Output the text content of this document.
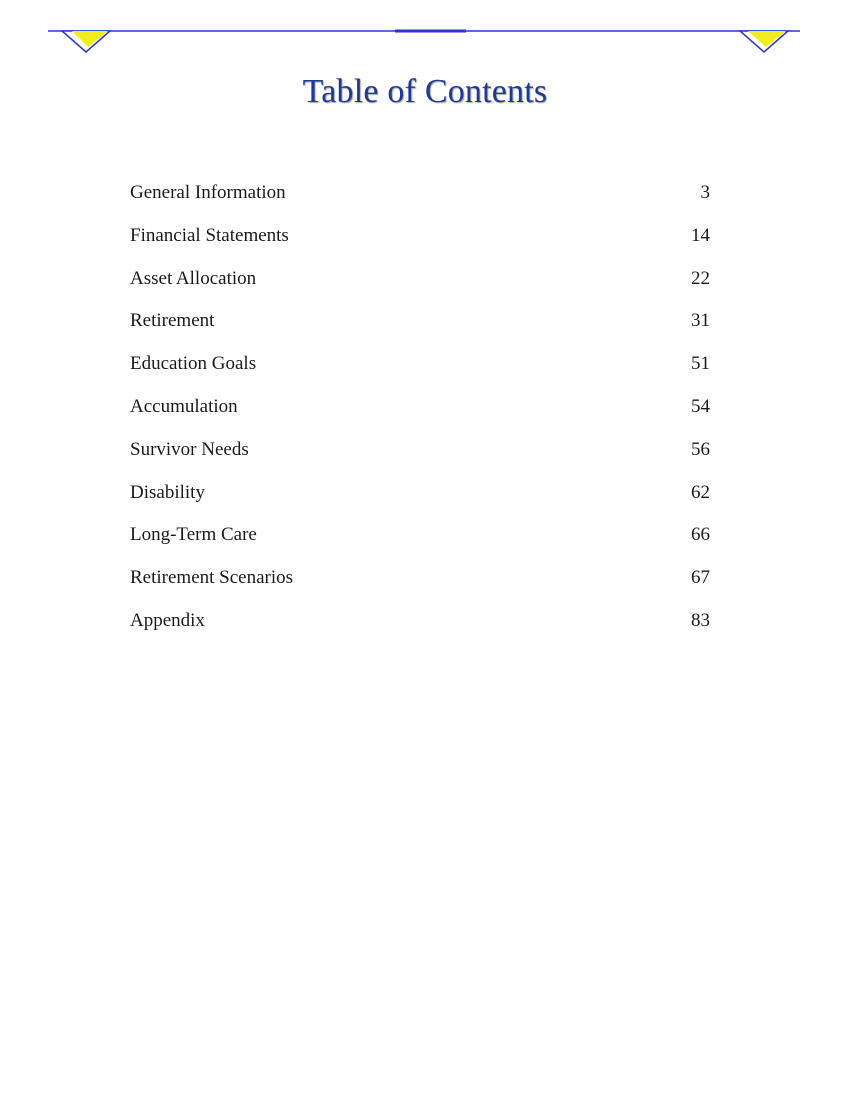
Table of Contents
General Information	3
Financial Statements	14
Asset Allocation	22
Retirement	31
Education Goals	51
Accumulation	54
Survivor Needs	56
Disability	62
Long-Term Care	66
Retirement Scenarios	67
Appendix	83
